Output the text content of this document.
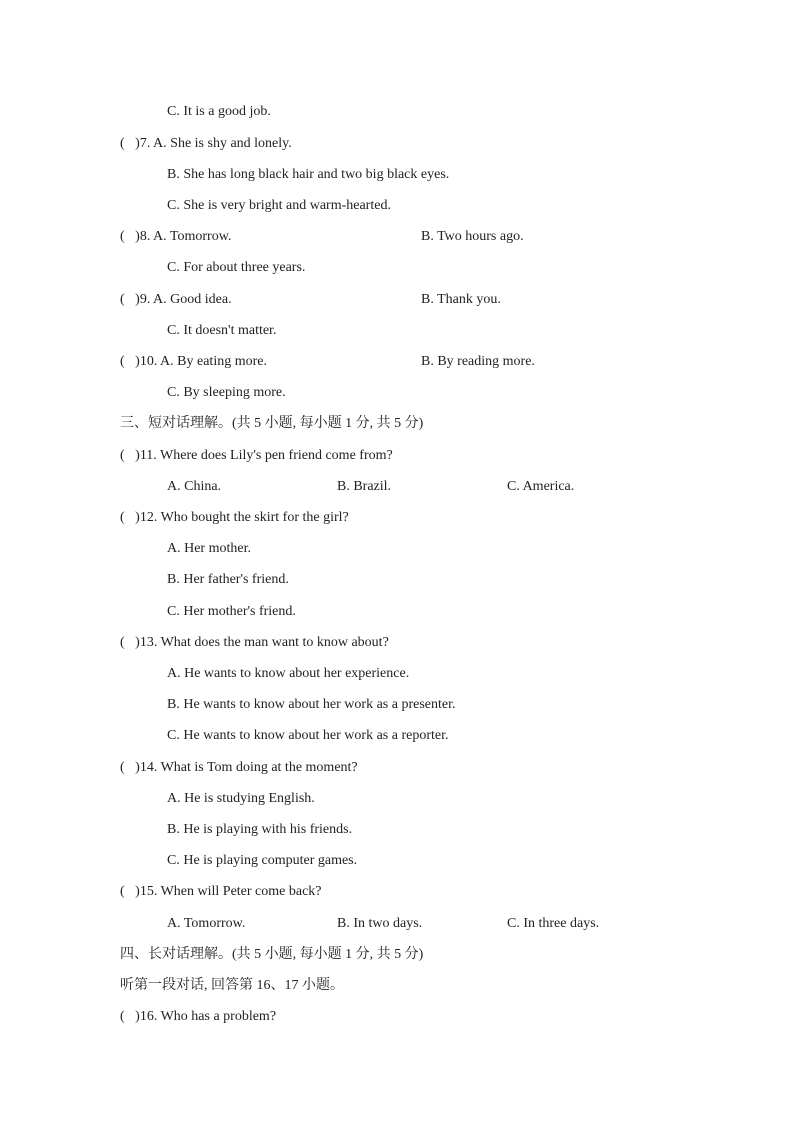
C. It is a good job.
(   )7. A. She is shy and lonely.
B. She has long black hair and two big black eyes.
C. She is very bright and warm-hearted.
(   )8. A. Tomorrow.	B. Two hours ago.
C. For about three years.
(   )9. A. Good idea.	B. Thank you.
C. It doesn't matter.
(   )10. A. By eating more.	B. By reading more.
C. By sleeping more.
三、短对话理解。(共 5 小题, 每小题 1 分, 共 5 分)
(   )11. Where does Lily's pen friend come from?
A. China.	B. Brazil.	C. America.
(   )12. Who bought the skirt for the girl?
A. Her mother.
B. Her father's friend.
C. Her mother's friend.
(   )13. What does the man want to know about?
A. He wants to know about her experience.
B. He wants to know about her work as a presenter.
C. He wants to know about her work as a reporter.
(   )14. What is Tom doing at the moment?
A. He is studying English.
B. He is playing with his friends.
C. He is playing computer games.
(   )15. When will Peter come back?
A. Tomorrow.	B. In two days.	C. In three days.
四、长对话理解。(共 5 小题, 每小题 1 分, 共 5 分)
听第一段对话, 回答第 16、17 小题。
(   )16. Who has a problem?
